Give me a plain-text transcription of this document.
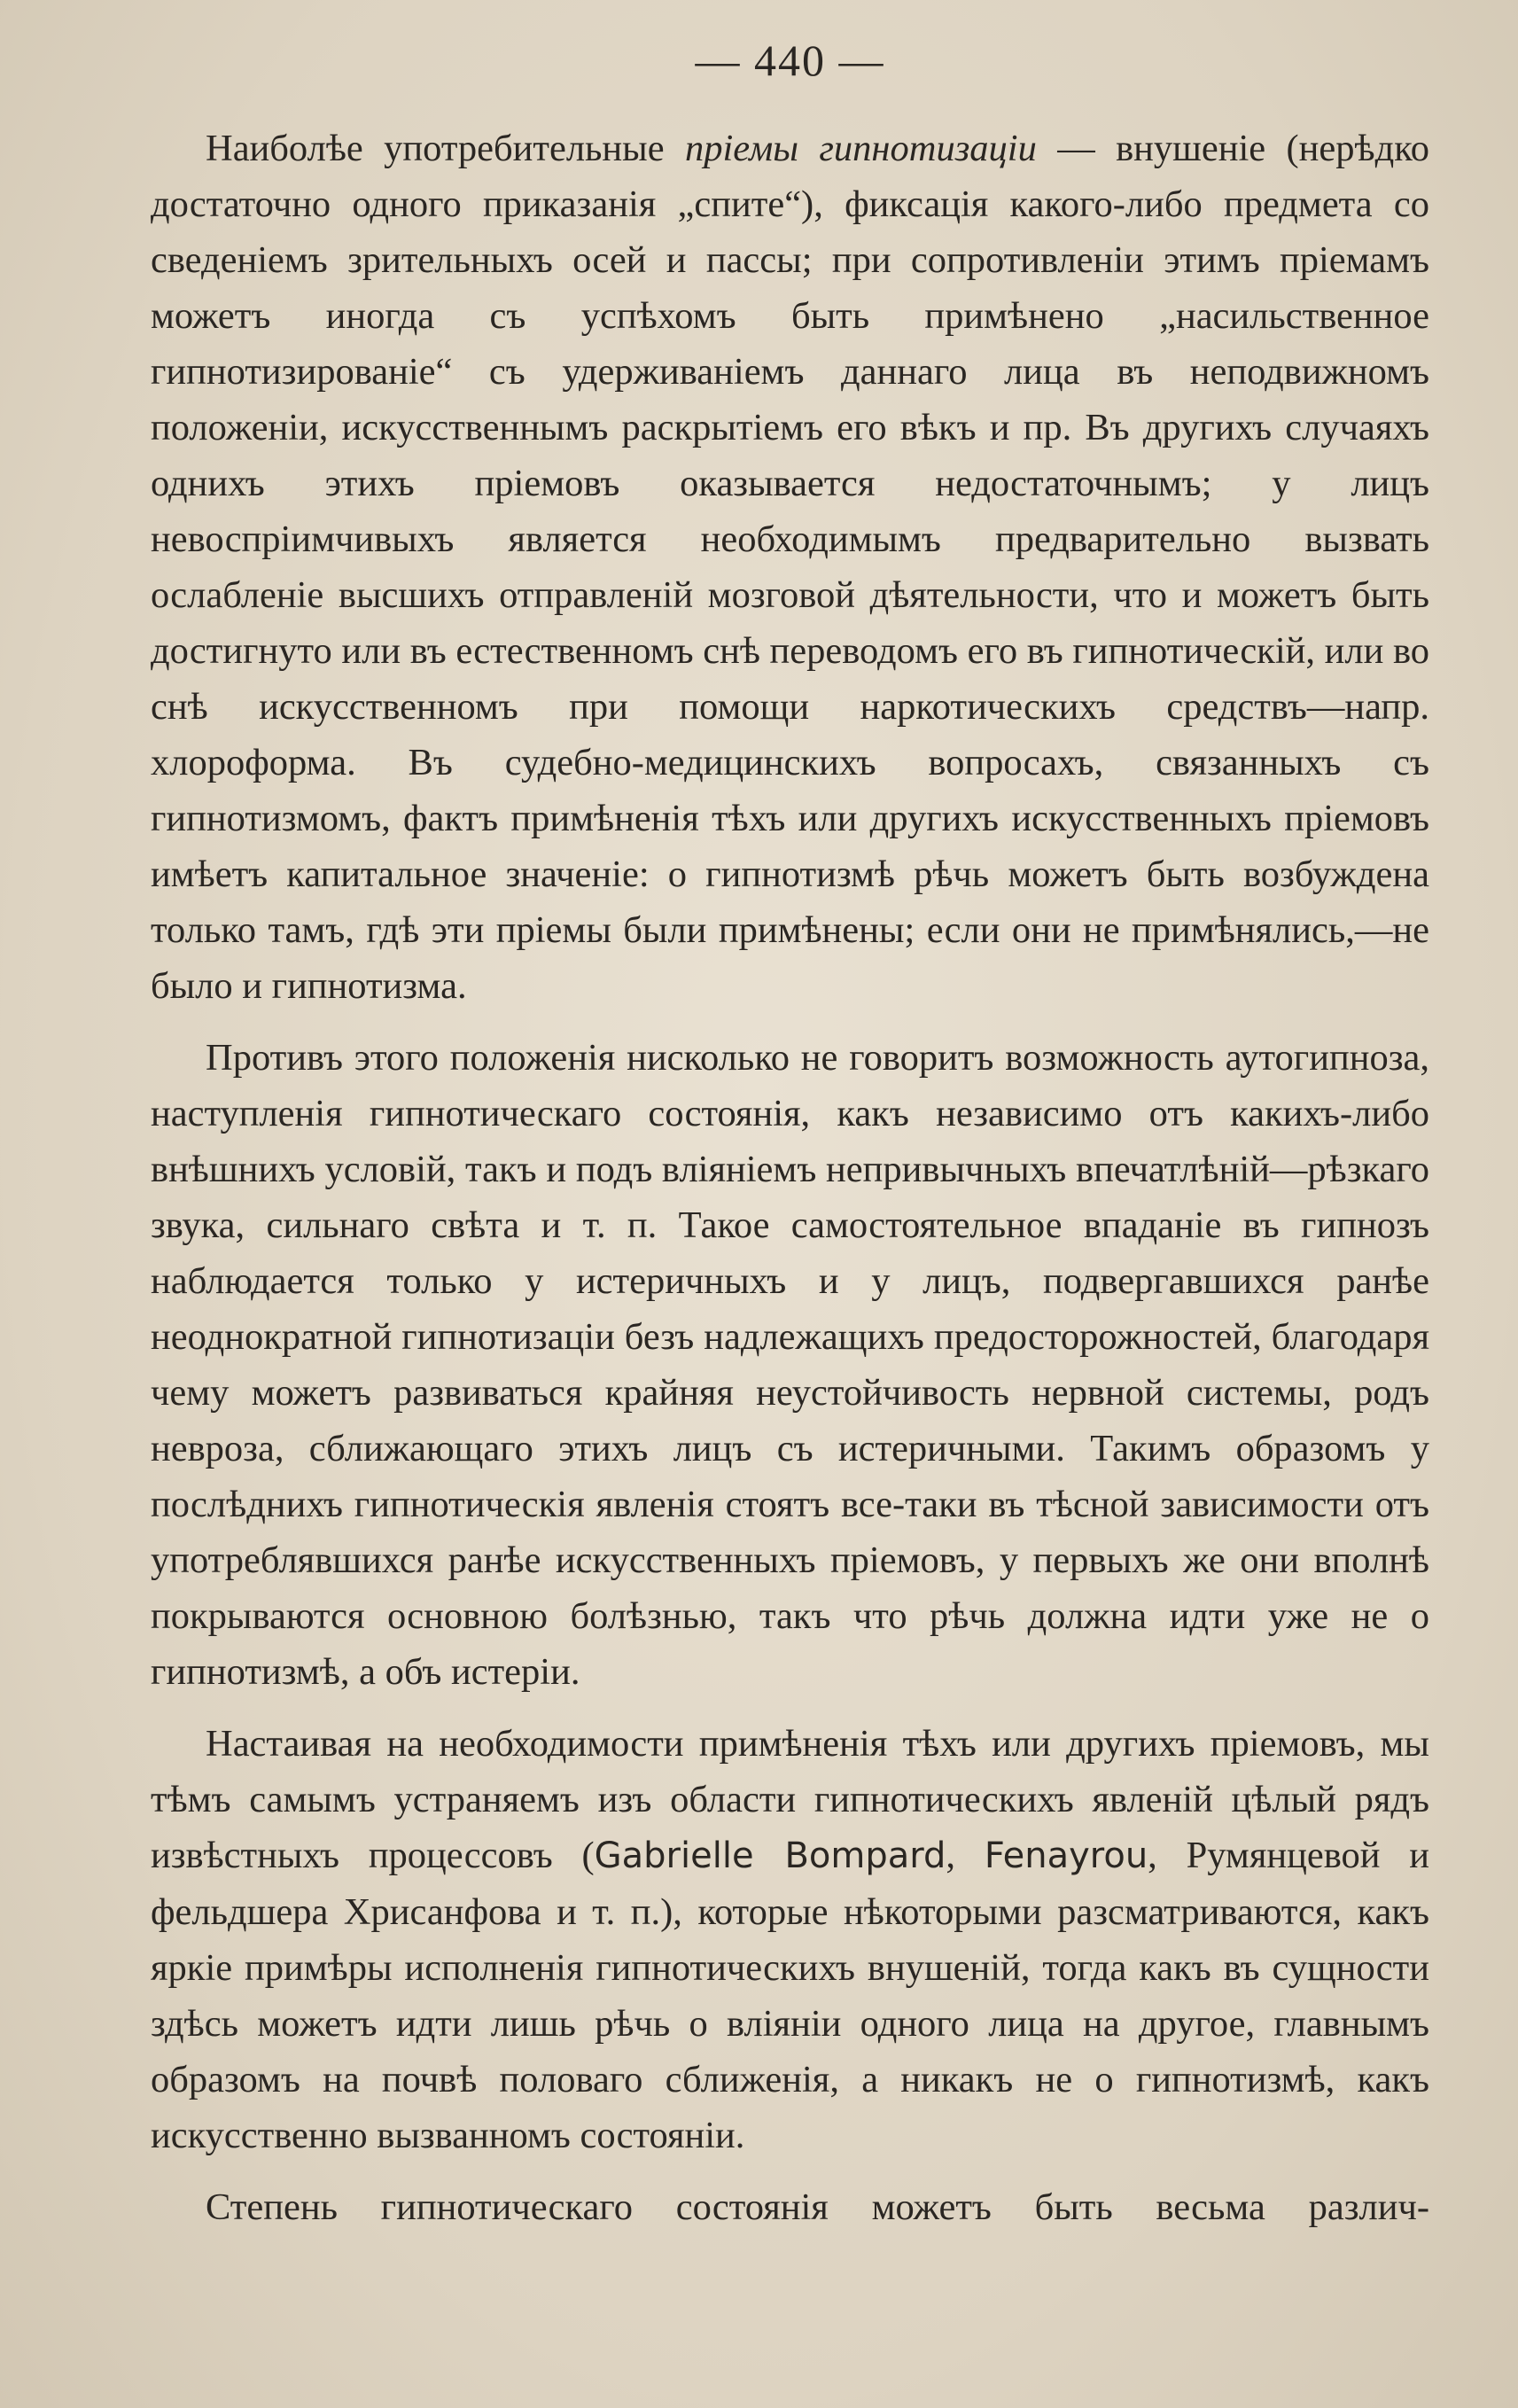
— 440 —

Наиболѣе употребительные пріемы гипнотизаціи — внушеніе (нерѣдко достаточно одного приказанія „спите“), фиксація какого-либо предмета со сведеніемъ зрительныхъ осей и пассы; при сопротивленіи этимъ пріемамъ можетъ иногда съ успѣхомъ быть примѣнено „насильственное гипнотизированіе“ съ удерживаніемъ даннаго лица въ неподвижномъ положеніи, искусственнымъ раскрытіемъ его вѣкъ и пр. Въ другихъ случаяхъ однихъ этихъ пріемовъ оказывается недостаточнымъ; у лицъ невоспріимчивыхъ является необходимымъ предварительно вызвать ослабленіе высшихъ отправленій мозговой дѣятельности, что и можетъ быть достигнуто или въ естественномъ снѣ переводомъ его въ гипнотическій, или во снѣ искусственномъ при помощи наркотическихъ средствъ—напр. хлороформа. Въ судебно-медицинскихъ вопросахъ, связанныхъ съ гипнотизмомъ, фактъ примѣненія тѣхъ или другихъ искусственныхъ пріемовъ имѣетъ капитальное значеніе: о гипнотизмѣ рѣчь можетъ быть возбуждена только тамъ, гдѣ эти пріемы были примѣнены; если они не примѣнялись,—не было и гипнотизма.

Противъ этого положенія нисколько не говоритъ возможность аутогипноза, наступленія гипнотическаго состоянія, какъ независимо отъ какихъ-либо внѣшнихъ условій, такъ и подъ вліяніемъ непривычныхъ впечатлѣній—рѣзкаго звука, сильнаго свѣта и т. п. Такое самостоятельное впаданіе въ гипнозъ наблюдается только у истеричныхъ и у лицъ, подвергавшихся ранѣе неоднократной гипнотизаціи безъ надлежащихъ предосторожностей, благодаря чему можетъ развиваться крайняя неустойчивость нервной системы, родъ невроза, сближающаго этихъ лицъ съ истеричными. Такимъ образомъ у послѣднихъ гипнотическія явленія стоятъ все-таки въ тѣсной зависимости отъ употреблявшихся ранѣе искусственныхъ пріемовъ, у первыхъ же они вполнѣ покрываются основною болѣзнью, такъ что рѣчь должна идти уже не о гипнотизмѣ, а объ истеріи.

Настаивая на необходимости примѣненія тѣхъ или другихъ пріемовъ, мы тѣмъ самымъ устраняемъ изъ области гипнотическихъ явленій цѣлый рядъ извѣстныхъ процессовъ (Gabrielle Bompard, Fenayrou, Румянцевой и фельдшера Хрисанфова и т. п.), которые нѣкоторыми разсматриваются, какъ яркіе примѣры исполненія гипнотическихъ внушеній, тогда какъ въ сущности здѣсь можетъ идти лишь рѣчь о вліяніи одного лица на другое, главнымъ образомъ на почвѣ половаго сближенія, а никакъ не о гипнотизмѣ, какъ искусственно вызванномъ состояніи.

Степень гипнотическаго состоянія можетъ быть весьма различ-
